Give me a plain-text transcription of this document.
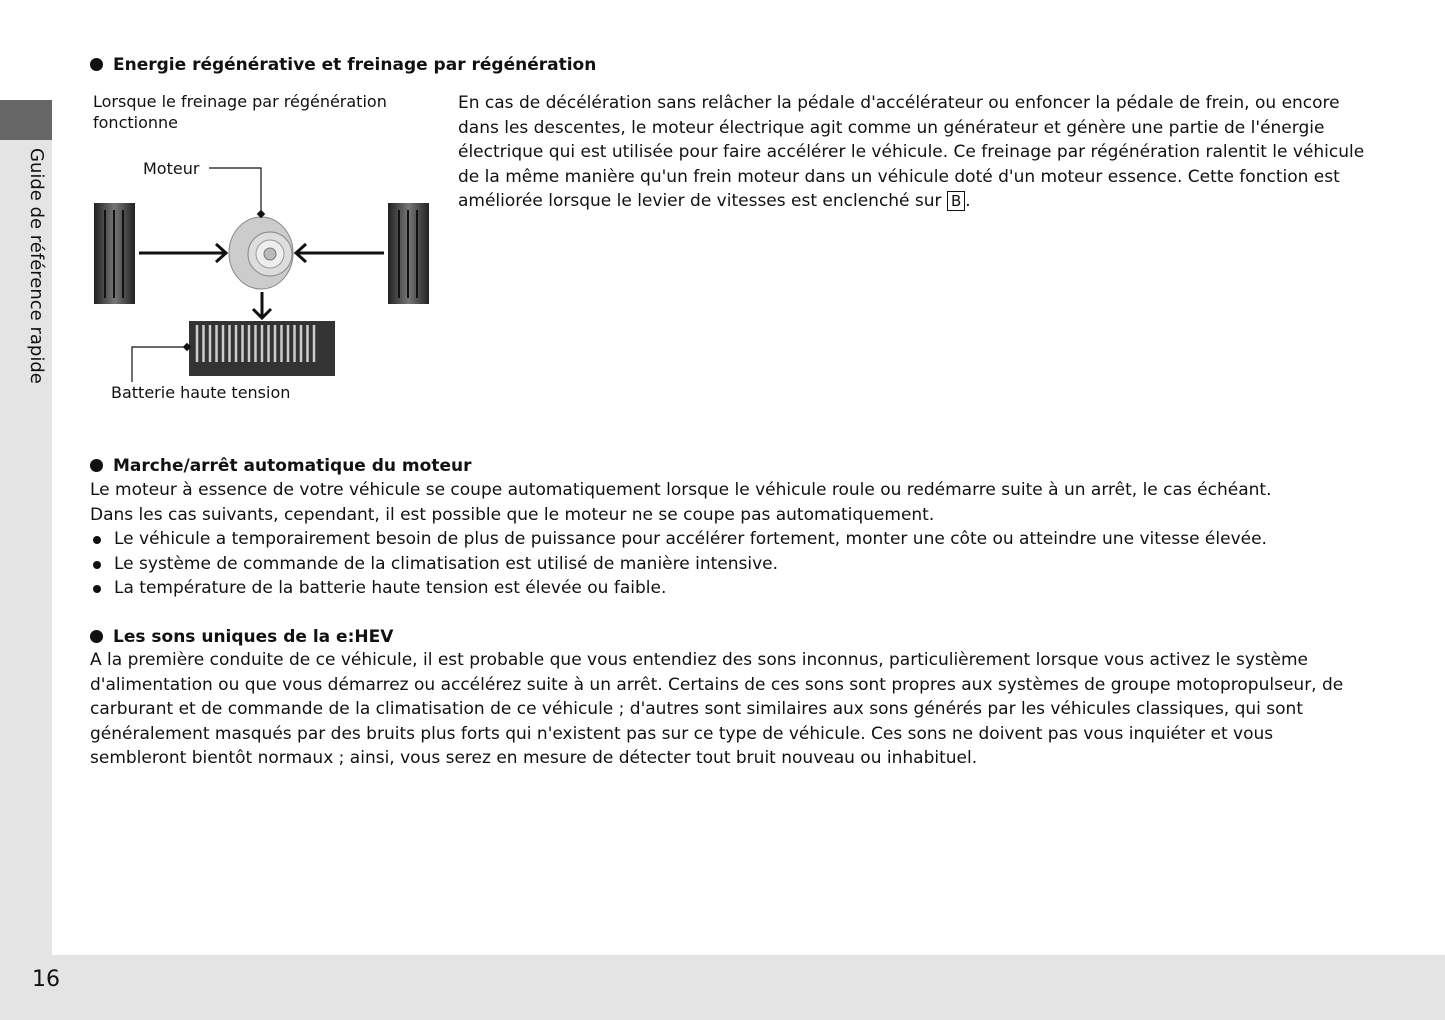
Guide de référence rapide
16
Energie régénérative et freinage par régénération
Lorsque le freinage par régénération fonctionne
Moteur
Batterie haute tension
En cas de décélération sans relâcher la pédale d'accélérateur ou enfoncer la pédale de frein, ou encore dans les descentes, le moteur électrique agit comme un générateur et génère une partie de l'énergie électrique qui est utilisée pour faire accélérer le véhicule. Ce freinage par régénération ralentit le véhicule de la même manière qu'un frein moteur dans un véhicule doté d'un moteur essence. Cette fonction est améliorée lorsque le levier de vitesses est enclenché sur B .
Marche/arrêt automatique du moteur
Le moteur à essence de votre véhicule se coupe automatiquement lorsque le véhicule roule ou redémarre suite à un arrêt, le cas échéant.
Dans les cas suivants, cependant, il est possible que le moteur ne se coupe pas automatiquement.
Le véhicule a temporairement besoin de plus de puissance pour accélérer fortement, monter une côte ou atteindre une vitesse élevée.
Le système de commande de la climatisation est utilisé de manière intensive.
La température de la batterie haute tension est élevée ou faible.
Les sons uniques de la e:HEV
A la première conduite de ce véhicule, il est probable que vous entendiez des sons inconnus, particulièrement lorsque vous activez le système d'alimentation ou que vous démarrez ou accélérez suite à un arrêt. Certains de ces sons sont propres aux systèmes de groupe motopropulseur, de carburant et de commande de la climatisation de ce véhicule ; d'autres sont similaires aux sons générés par les véhicules classiques, qui sont généralement masqués par des bruits plus forts qui n'existent pas sur ce type de véhicule. Ces sons ne doivent pas vous inquiéter et vous sembleront bientôt normaux ; ainsi, vous serez en mesure de détecter tout bruit nouveau ou inhabituel.
